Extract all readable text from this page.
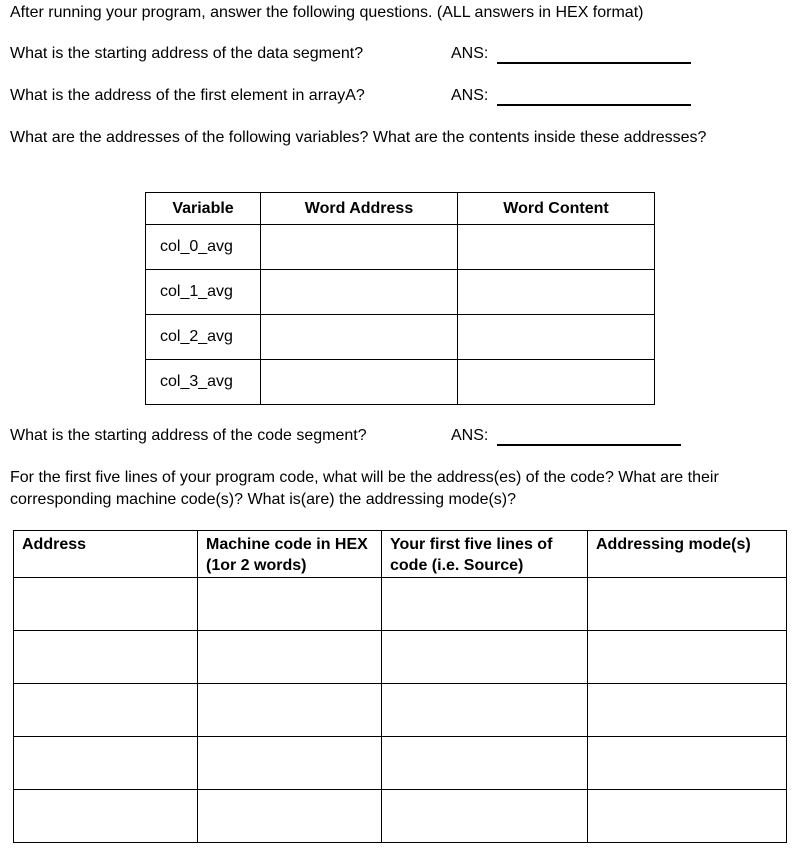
After running your program, answer the following questions. (ALL answers in HEX format)
What is the starting address of the data segment?	ANS:
What is the address of the first element in arrayA?	ANS:
What are the addresses of the following variables? What are the contents inside these addresses?
Variable	Word Address	Word Content
col_0_avg		
col_1_avg		
col_2_avg		
col_3_avg		
What is the starting address of the code segment?	ANS:
For the first five lines of your program code, what will be the address(es) of the code? What are their corresponding machine code(s)? What is(are) the addressing mode(s)?
Address	Machine code in HEX (1or 2 words)	Your first five lines of code (i.e. Source)	Addressing mode(s)
